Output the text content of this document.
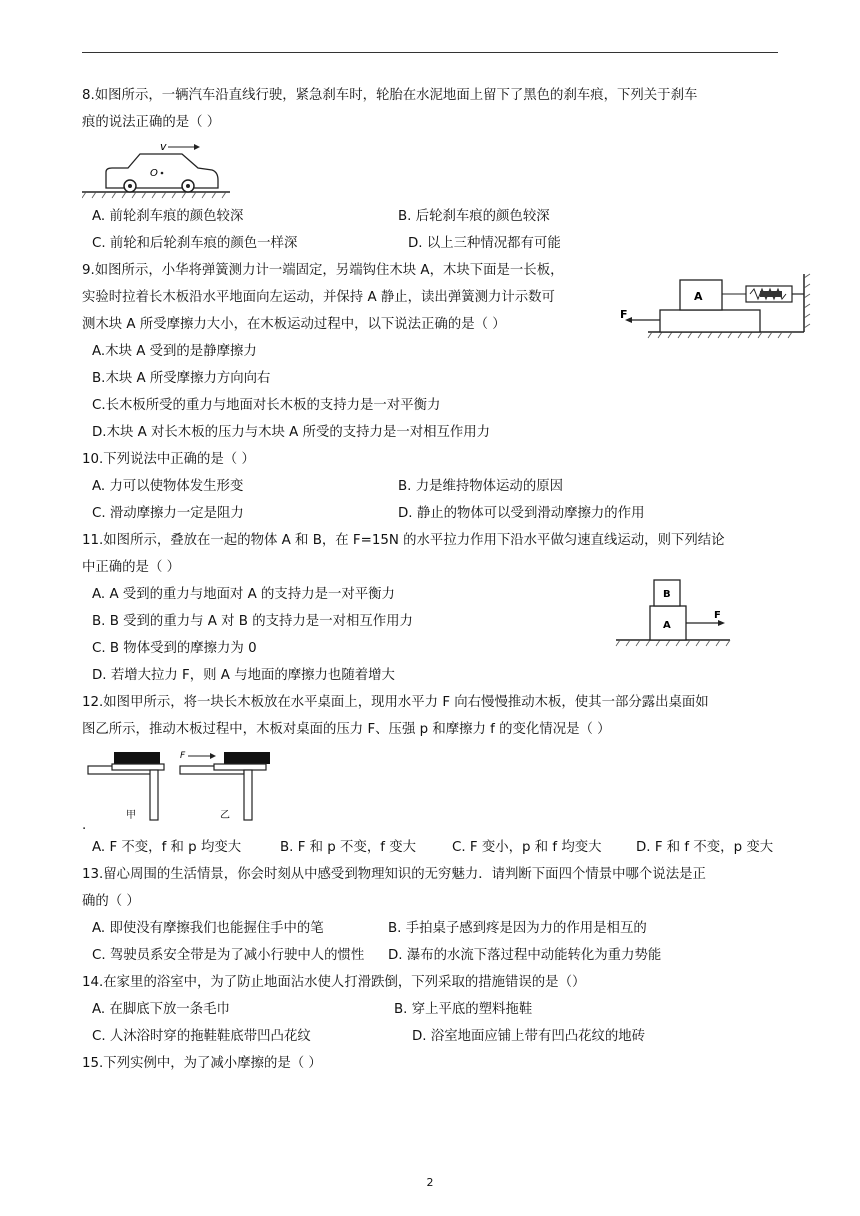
8.如图所示，一辆汽车沿直线行驶，紧急刹车时，轮胎在水泥地面上留下了黑色的刹车痕，下列关于刹车
痕的说法正确的是（ ）
v
O
A. 前轮刹车痕的颜色较深	B. 后轮刹车痕的颜色较深
C. 前轮和后轮刹车痕的颜色一样深	D. 以上三种情况都有可能
9.如图所示，小华将弹簧测力计一端固定，另端钩住木块 A，木块下面是一长板，
实验时拉着长木板沿水平地面向左运动，并保持 A 静止，读出弹簧测力计示数可
测木块 A 所受摩擦力大小，在木板运动过程中，以下说法正确的是（ ）
A
F
A.木块 A 受到的是静摩擦力
B.木块 A 所受摩擦力方向向右
C.长木板所受的重力与地面对长木板的支持力是一对平衡力
D.木块 A 对长木板的压力与木块 A 所受的支持力是一对相互作用力
10.下列说法中正确的是（ ）
A. 力可以使物体发生形变	B. 力是维持物体运动的原因
C. 滑动摩擦力一定是阻力	D. 静止的物体可以受到滑动摩擦力的作用
11.如图所示，叠放在一起的物体 A 和 B，在 F=15N 的水平拉力作用下沿水平做匀速直线运动，则下列结论
中正确的是（ ）
B
A
F
A. A 受到的重力与地面对 A 的支持力是一对平衡力
B. B 受到的重力与 A 对 B 的支持力是一对相互作用力
C. B 物体受到的摩擦力为 0
D. 若增大拉力 F，则 A 与地面的摩擦力也随着增大
12.如图甲所示，将一块长木板放在水平桌面上，现用水平力 F 向右慢慢推动木板，使其一部分露出桌面如
图乙所示，推动木板过程中，木板对桌面的压力 F、压强 p 和摩擦力 f 的变化情况是（ ）
甲
F
乙
.
A. F 不变，f 和 p 均变大	B. F 和 p 不变，f 变大	C. F 变小，p 和 f 均变大	D. F 和 f 不变，p 变大
13.留心周围的生活情景，你会时刻从中感受到物理知识的无穷魅力．请判断下面四个情景中哪个说法是正
确的（ ）
A. 即使没有摩擦我们也能握住手中的笔	B. 手拍桌子感到疼是因为力的作用是相互的
C. 驾驶员系安全带是为了减小行驶中人的惯性 D. 瀑布的水流下落过程中动能转化为重力势能
14.在家里的浴室中，为了防止地面沾水使人打滑跌倒，下列采取的措施错误的是（）
A. 在脚底下放一条毛巾	B. 穿上平底的塑料拖鞋
C. 人沐浴时穿的拖鞋鞋底带凹凸花纹	D. 浴室地面应铺上带有凹凸花纹的地砖
15.下列实例中，为了减小摩擦的是（ ）
2
